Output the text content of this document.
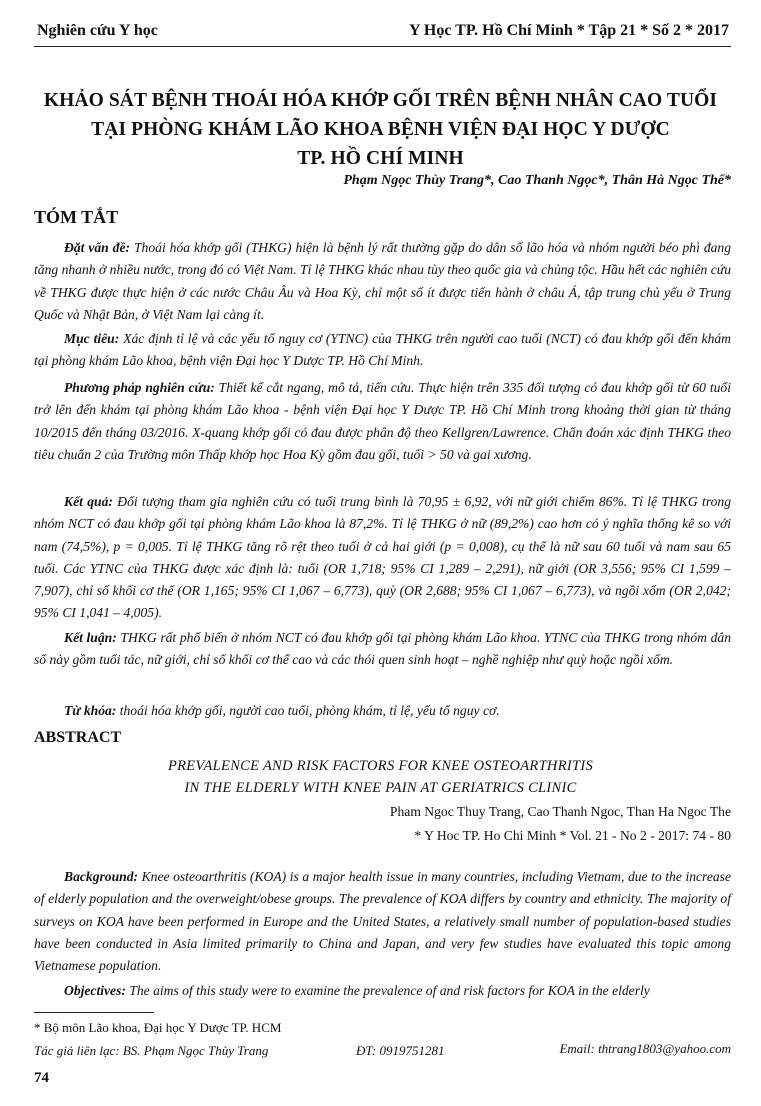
Nghiên cứu Y học	Y Học TP. Hồ Chí Minh * Tập 21 * Số 2 * 2017
KHẢO SÁT BỆNH THOÁI HÓA KHỚP GỐI TRÊN BỆNH NHÂN CAO TUỔI
TẠI PHÒNG KHÁM LÃO KHOA BỆNH VIỆN ĐẠI HỌC Y DƯỢC
TP. HỒ CHÍ MINH
Phạm Ngọc Thùy Trang*, Cao Thanh Ngọc*, Thân Hà Ngọc Thể*
TÓM TẮT
Đặt vấn đề: Thoái hóa khớp gối (THKG) hiện là bệnh lý rất thường gặp do dân số lão hóa và nhóm người béo phì đang tăng nhanh ở nhiều nước, trong đó có Việt Nam. Tỉ lệ THKG khác nhau tùy theo quốc gia và chủng tộc. Hầu hết các nghiên cứu về THKG được thực hiện ở các nước Châu Âu và Hoa Kỳ, chỉ một số ít được tiến hành ở châu Á, tập trung chủ yếu ở Trung Quốc và Nhật Bản, ở Việt Nam lại càng ít.
Mục tiêu: Xác định tỉ lệ và các yếu tố nguy cơ (YTNC) của THKG trên người cao tuổi (NCT) có đau khớp gối đến khám tại phòng khám Lão khoa, bệnh viện Đại học Y Dược TP. Hồ Chí Minh.
Phương pháp nghiên cứu: Thiết kế cắt ngang, mô tả, tiến cứu. Thực hiện trên 335 đối tượng có đau khớp gối từ 60 tuổi trở lên đến khám tại phòng khám Lão khoa - bệnh viện Đại học Y Dược TP. Hồ Chí Minh trong khoảng thời gian từ tháng 10/2015 đến tháng 03/2016. X-quang khớp gối có đau được phân độ theo Kellgren/Lawrence. Chẩn đoán xác định THKG theo tiêu chuẩn 2 của Trường môn Thấp khớp học Hoa Kỳ gồm đau gối, tuổi > 50 và gai xương.
Kết quả: Đối tượng tham gia nghiên cứu có tuổi trung bình là 70,95 ± 6,92, với nữ giới chiếm 86%. Tỉ lệ THKG trong nhóm NCT có đau khớp gối tại phòng khám Lão khoa là 87,2%. Tỉ lệ THKG ở nữ (89,2%) cao hơn có ý nghĩa thống kê so với nam (74,5%), p = 0,005. Tỉ lệ THKG tăng rõ rệt theo tuổi ở cả hai giới (p = 0,008), cụ thể là nữ sau 60 tuổi và nam sau 65 tuổi. Các YTNC của THKG được xác định là: tuổi (OR 1,718; 95% CI 1,289 – 2,291), nữ giới (OR 3,556; 95% CI 1,599 – 7,907), chỉ số khối cơ thể (OR 1,165; 95% CI 1,067 – 6,773), quỳ (OR 2,688; 95% CI 1,067 – 6,773), và ngồi xổm (OR 2,042; 95% CI 1,041 – 4,005).
Kết luận: THKG rất phổ biến ở nhóm NCT có đau khớp gối tại phòng khám Lão khoa. YTNC của THKG trong nhóm dân số này gồm tuổi tác, nữ giới, chỉ số khối cơ thể cao và các thói quen sinh hoạt – nghề nghiệp như quỳ hoặc ngồi xổm.
Từ khóa: thoái hóa khớp gối, người cao tuổi, phòng khám, tỉ lệ, yếu tố nguy cơ.
ABSTRACT
PREVALENCE AND RISK FACTORS FOR KNEE OSTEOARTHRITIS
IN THE ELDERLY WITH KNEE PAIN AT GERIATRICS CLINIC
Pham Ngoc Thuy Trang, Cao Thanh Ngoc, Than Ha Ngoc The
* Y Hoc TP. Ho Chi Minh * Vol. 21 - No 2 - 2017: 74 - 80
Background: Knee osteoarthritis (KOA) is a major health issue in many countries, including Vietnam, due to the increase of elderly population and the overweight/obese groups. The prevalence of KOA differs by country and ethnicity. The majority of surveys on KOA have been performed in Europe and the United States, a relatively small number of population-based studies have been conducted in Asia limited primarily to China and Japan, and very few studies have evaluated this topic among Vietnamese population.
Objectives: The aims of this study were to examine the prevalence of and risk factors for KOA in the elderly
* Bộ môn Lão khoa, Đại học Y Dược TP. HCM
Tác giả liên lạc: BS. Phạm Ngọc Thùy Trang	ĐT: 0919751281	Email: thtrang1803@yahoo.com
74
